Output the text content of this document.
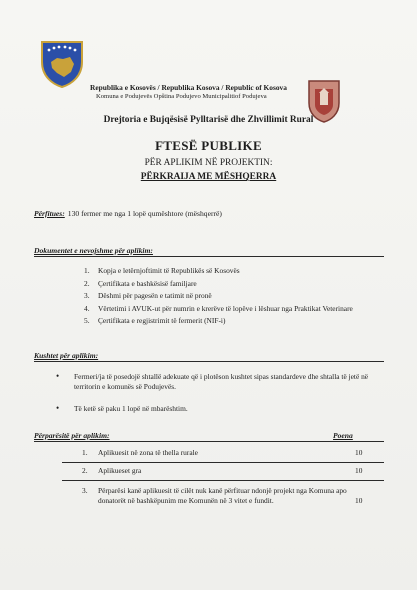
Republika e Kosovës / Republika Kosova / Republic of Kosova
Komuna e Podujevës Opština Podujevo Municipalitiof Podujeva
Drejtoria e Bujqësisë Pylltarisë dhe Zhvillimit Rural
FTESË PUBLIKE
PËR APLIKIM NË PROJEKTIN:
PËRKRAIJA ME MËSHQERRA
Përfitues: 130 fermer me nga 1 lopë qumështore (mëshqerrë)
Dokumentet e nevojshme për aplikim:
1.	Kopja e letërnjoftimit të Republikës së Kosovës
2.	Çertifikata e bashkësisë familjare
3.	Dëshmi për pagesën e tatimit në pronë
4.	Vërtetimi i AVUK-ut për numrin e krerëve të lopëve i lëshuar nga Praktikat Veterinare
5.	Çertifikata e regjistrimit të fermerit (NIF-i)
Kushtet për aplikim:
•	Fermeri/ja të posedojë shtallë adekuate që i plotëson kushtet sipas standardeve dhe shtalla të jetë në territorin e komunës së Podujevës.
•	Të ketë së paku 1 lopë në mbarështim.
Përparësitë për aplikim:	Poena
1.	Aplikuesit në zona të thella rurale	10
2.	Aplikueset gra	10
3.	Përparësi kanë aplikuesit të cilët nuk kanë përfituar ndonjë projekt nga Komuna apo donatorët në bashkëpunim me Komunën në 3 vitet e fundit.	10
